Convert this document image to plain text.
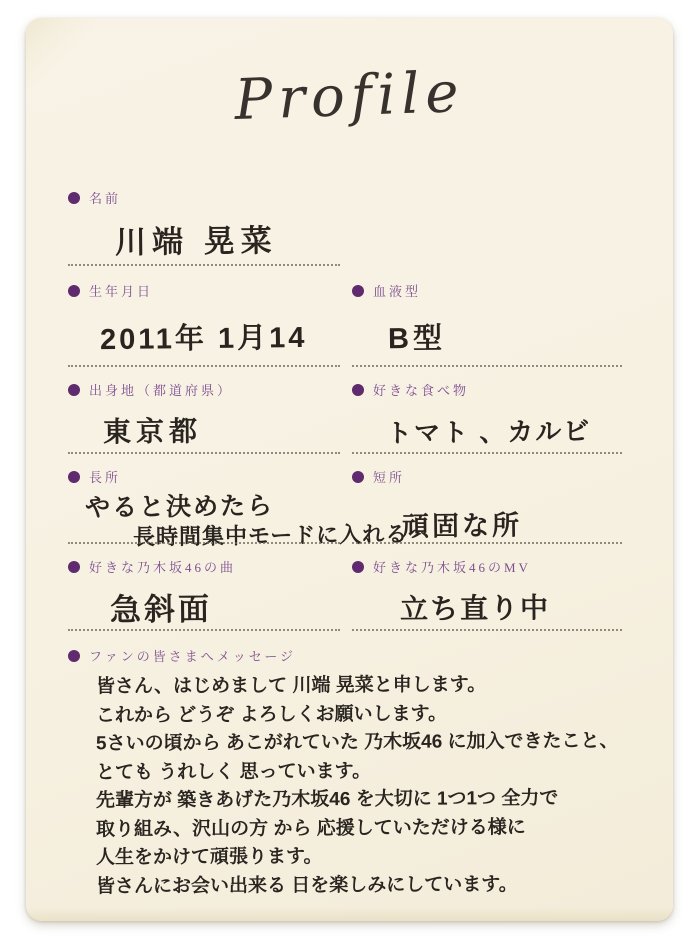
Profile
名前
川端 晃菜
生年月日
2011年 1月14
血液型
B型
出身地（都道府県）
東京都
好きな食べ物
トマト 、カルビ
長所
やると決めたら
長時間集中モードに入れる
短所
頑固な所
好きな乃木坂46の曲
急斜面
好きな乃木坂46のMV
立ち直り中
ファンの皆さまへメッセージ
皆さん、はじめまして 川端 晃菜と申します。
これから どうぞ よろしくお願いします。
5さいの頃から あこがれていた 乃木坂46 に加入できたこと、
とても うれしく 思っています。
先輩方が 築きあげた乃木坂46 を大切に 1つ1つ 全力で
取り組み、沢山の方 から 応援していただける様に
人生をかけて頑張ります。
皆さんにお会い出来る 日を楽しみにしています。
